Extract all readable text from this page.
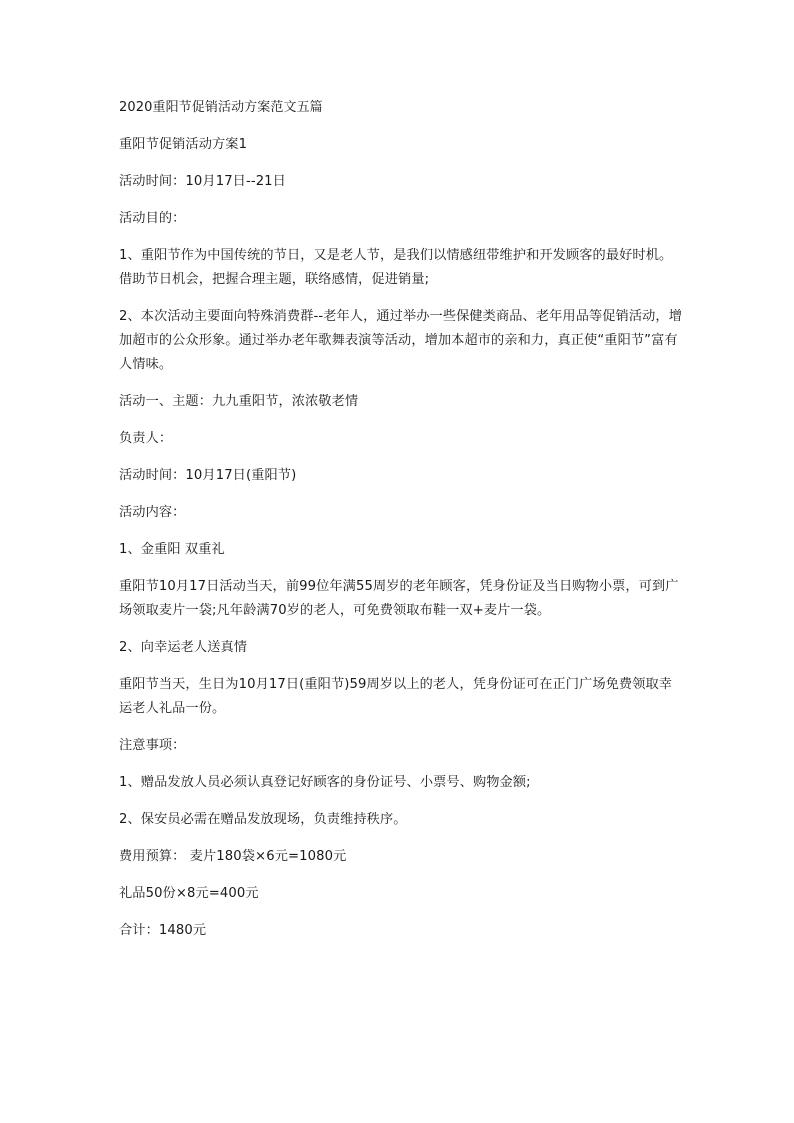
2020重阳节促销活动方案范文五篇

重阳节促销活动方案1

活动时间：10月17日--21日

活动目的：

1、重阳节作为中国传统的节日，又是老人节，是我们以情感纽带维护和开发顾客的最好时机。借助节日机会，把握合理主题，联络感情，促进销量;

2、本次活动主要面向特殊消费群--老年人，通过举办一些保健类商品、老年用品等促销活动，增加超市的公众形象。通过举办老年歌舞表演等活动，增加本超市的亲和力，真正使“重阳节”富有人情味。

活动一、主题：九九重阳节，浓浓敬老情

负责人：

活动时间：10月17日(重阳节)

活动内容：

1、金重阳 双重礼

重阳节10月17日活动当天，前99位年满55周岁的老年顾客，凭身份证及当日购物小票，可到广场领取麦片一袋;凡年龄满70岁的老人，可免费领取布鞋一双+麦片一袋。

2、向幸运老人送真情

重阳节当天，生日为10月17日(重阳节)59周岁以上的老人，凭身份证可在正门广场免费领取幸运老人礼品一份。

注意事项：

1、赠品发放人员必须认真登记好顾客的身份证号、小票号、购物金额;

2、保安员必需在赠品发放现场，负责维持秩序。

费用预算： 麦片180袋×6元=1080元

礼品50份×8元=400元

合计：1480元
